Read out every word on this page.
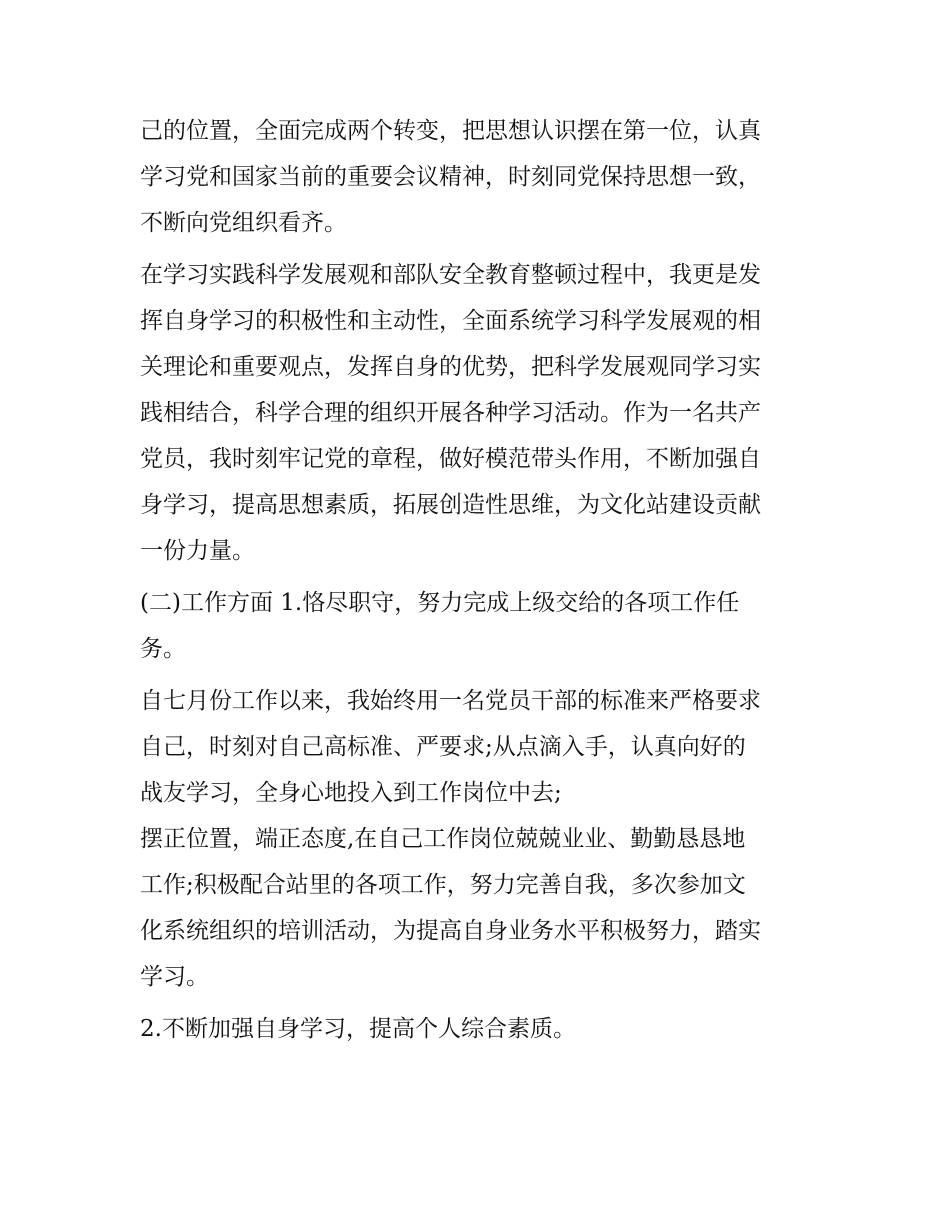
己的位置，全面完成两个转变，把思想认识摆在第一位，认真
学习党和国家当前的重要会议精神，时刻同党保持思想一致，
不断向党组织看齐。
在学习实践科学发展观和部队安全教育整顿过程中，我更是发
挥自身学习的积极性和主动性，全面系统学习科学发展观的相
关理论和重要观点，发挥自身的优势，把科学发展观同学习实
践相结合，科学合理的组织开展各种学习活动。作为一名共产
党员，我时刻牢记党的章程，做好模范带头作用，不断加强自
身学习，提高思想素质，拓展创造性思维，为文化站建设贡献
一份力量。
(二)工作方面 1.恪尽职守，努力完成上级交给的各项工作任
务。
自七月份工作以来，我始终用一名党员干部的标准来严格要求
自己，时刻对自己高标准、严要求;从点滴入手，认真向好的
战友学习，全身心地投入到工作岗位中去;
摆正位置，端正态度,在自己工作岗位兢兢业业、勤勤恳恳地
工作;积极配合站里的各项工作，努力完善自我，多次参加文
化系统组织的培训活动，为提高自身业务水平积极努力，踏实
学习。
2.不断加强自身学习，提高个人综合素质。
